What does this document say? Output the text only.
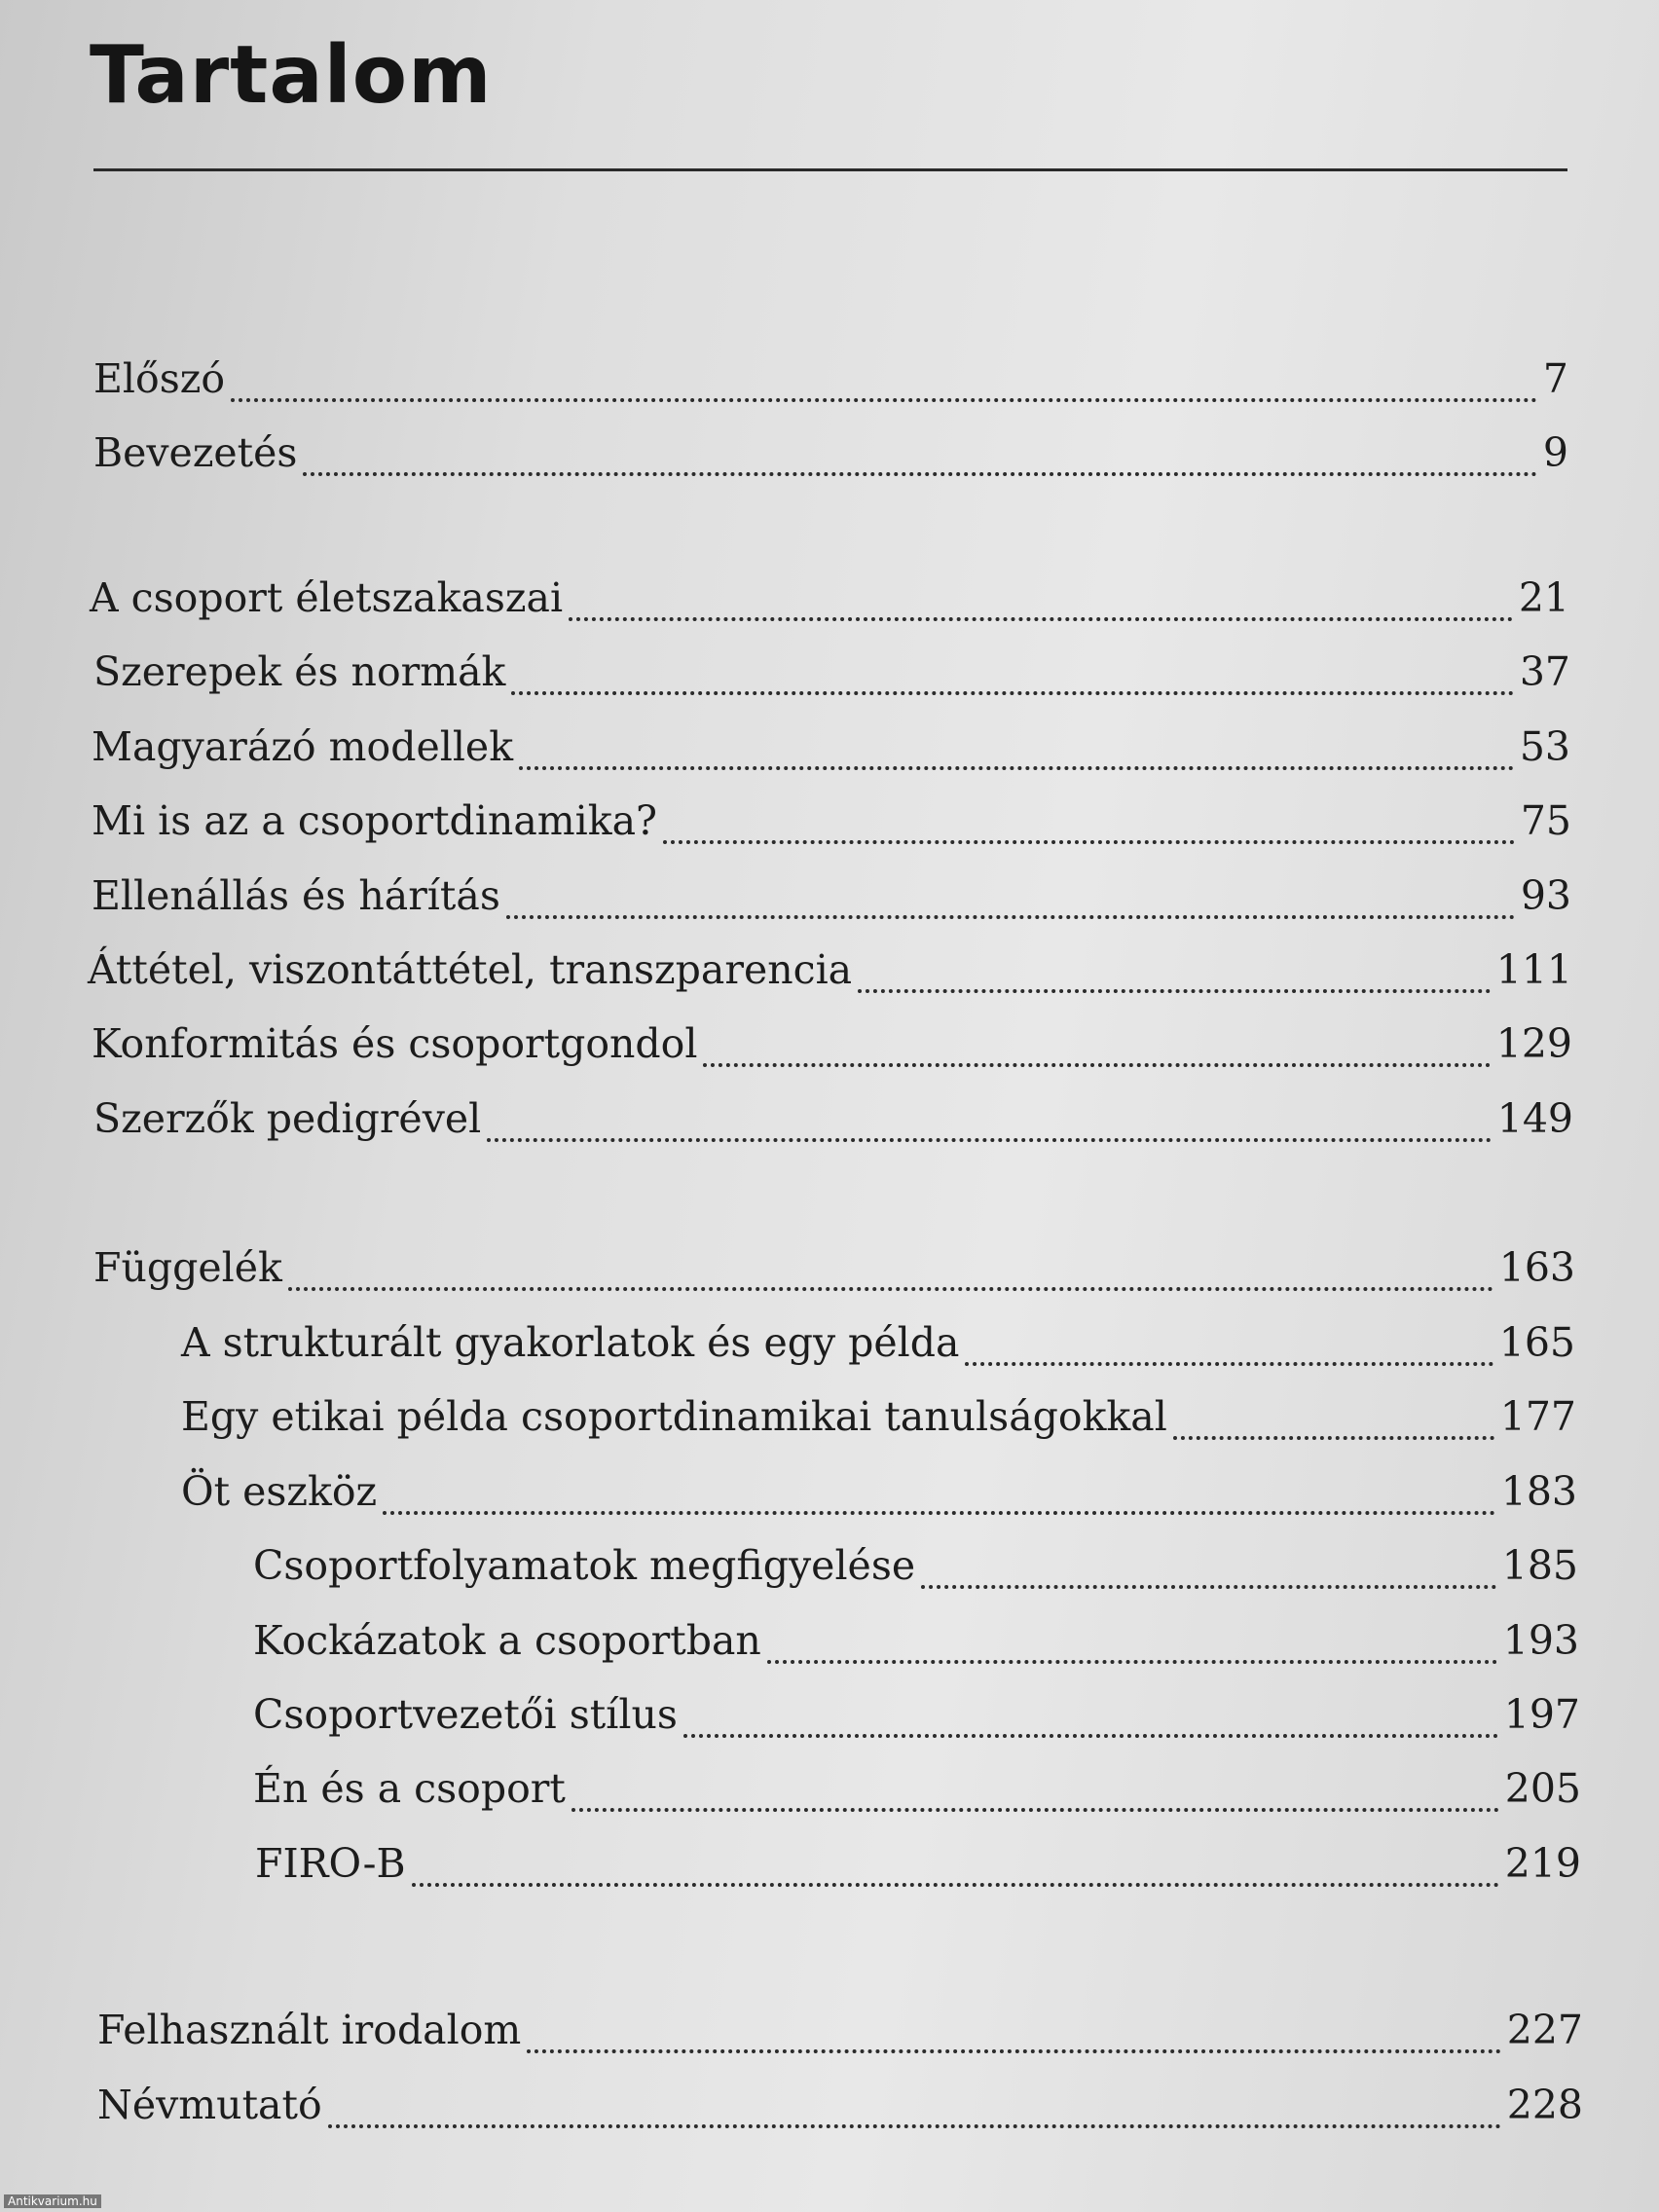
Tartalom
Előszó	7
Bevezetés	9
A csoport életszakaszai	21
Szerepek és normák	37
Magyarázó modellek	53
Mi is az a csoportdinamika?	75
Ellenállás és hárítás	93
Áttétel, viszontáttétel, transzparencia	111
Konformitás és csoportgondol	129
Szerzők pedigrével	149
Függelék	163
A strukturált gyakorlatok és egy példa	165
Egy etikai példa csoportdinamikai tanulságokkal	177
Öt eszköz	183
Csoportfolyamatok megfigyelése	185
Kockázatok a csoportban	193
Csoportvezetői stílus	197
Én és a csoport	205
FIRO-B	219
Felhasznált irodalom	227
Névmutató	228
Antikvarium.hu
